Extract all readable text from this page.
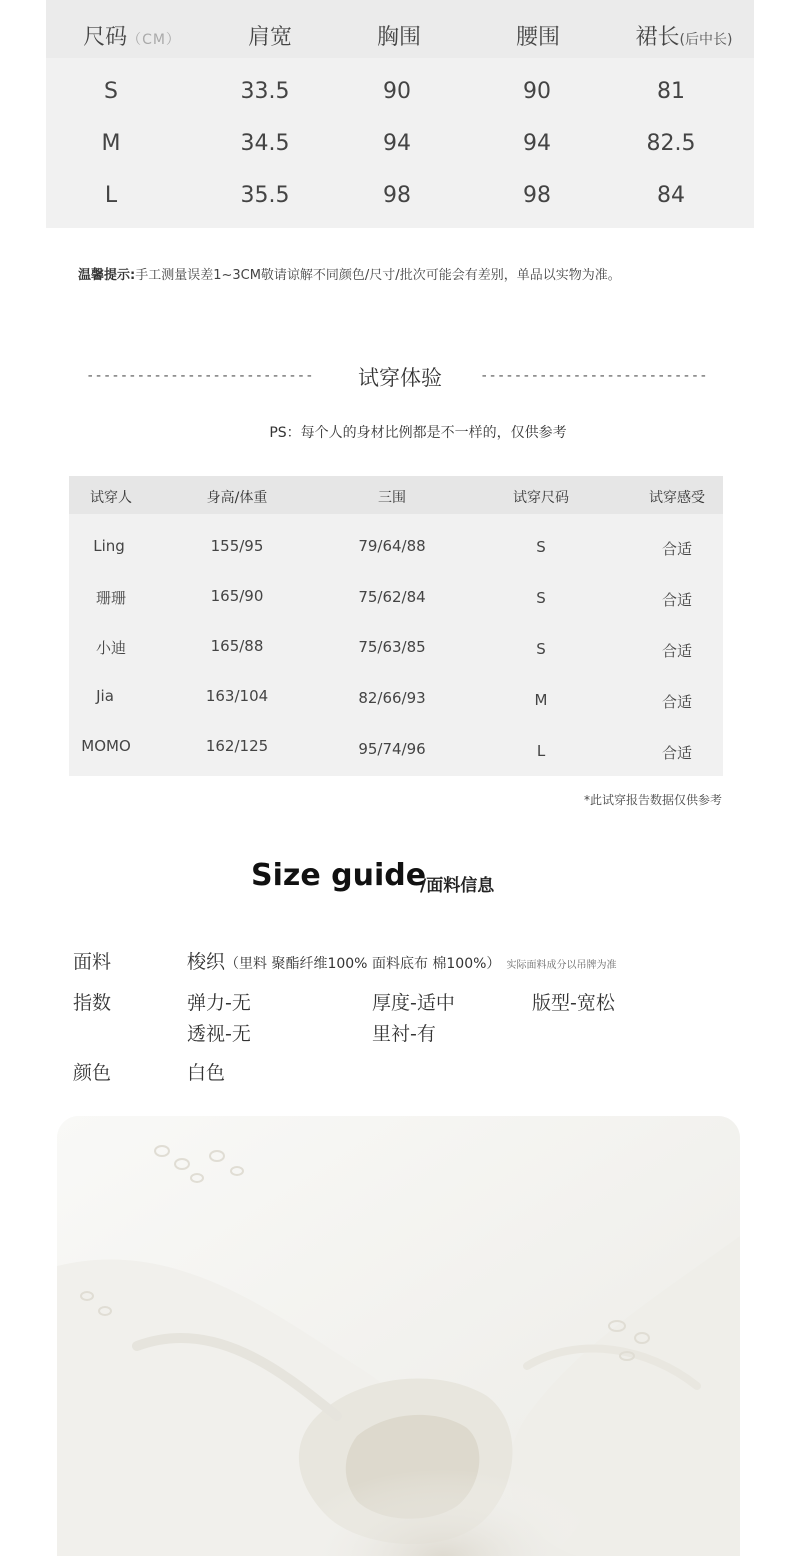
尺码（CM）	肩宽	胸围	腰围	裙长(后中长)
S	33.5	90	90	81
M	34.5	94	94	82.5
L	35.5	98	98	84
温馨提示:手工测量误差1~3CM敬请谅解不同颜色/尺寸/批次可能会有差别，单品以实物为准。
---------------------------	试穿体验	---------------------------
PS：每个人的身材比例都是不一样的，仅供参考
试穿人	身高/体重	三围	试穿尺码	试穿感受
Ling	155/95	79/64/88	S	合适
珊珊	165/90	75/62/84	S	合适
小迪	165/88	75/63/85	S	合适
Jia	163/104	82/66/93	M	合适
MOMO	162/125	95/74/96	L	合适
*此试穿报告数据仅供参考
Size guide
/面料信息
面料	梭织（里料 聚酯纤维100% 面料底布 棉100%） 实际面料成分以吊牌为准
指数	弹力-无	厚度-适中	版型-宽松
透视-无	里衬-有
颜色	白色
